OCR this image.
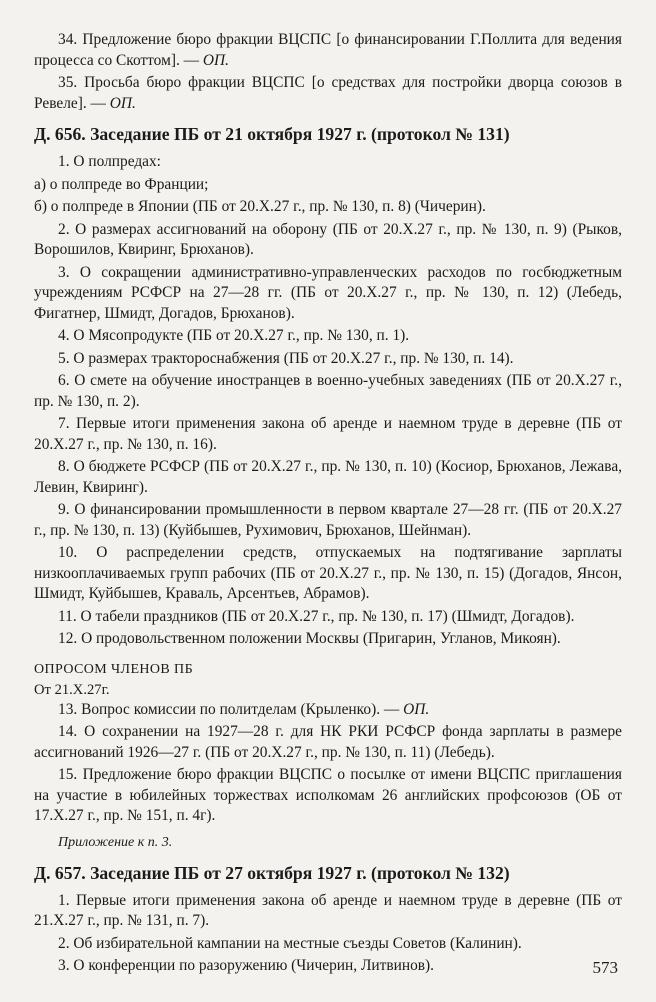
34. Предложение бюро фракции ВЦСПС [о финансировании Г.Поллита для ведения процесса со Скоттом]. — ОП.

35. Просьба бюро фракции ВЦСПС [о средствах для постройки дворца союзов в Ревеле]. — ОП.

Д. 656. Заседание ПБ от 21 октября 1927 г. (протокол № 131)

1. О полпредах:

а) о полпреде во Франции;

б) о полпреде в Японии (ПБ от 20.X.27 г., пр. № 130, п. 8) (Чичерин).

2. О размерах ассигнований на оборону (ПБ от 20.X.27 г., пр. № 130, п. 9) (Рыков, Ворошилов, Квиринг, Брюханов).

3. О сокращении административно-управленческих расходов по госбюджетным учреждениям РСФСР на 27—28 гг. (ПБ от 20.X.27 г., пр. № 130, п. 12) (Лебедь, Фигатнер, Шмидт, Догадов, Брюханов).

4. О Мясопродукте (ПБ от 20.X.27 г., пр. № 130, п. 1).

5. О размерах тракторoснабжения (ПБ от 20.X.27 г., пр. № 130, п. 14).

6. О смете на обучение иностранцев в военно-учебных заведениях (ПБ от 20.X.27 г., пр. № 130, п. 2).

7. Первые итоги применения закона об аренде и наемном труде в деревне (ПБ от 20.X.27 г., пр. № 130, п. 16).

8. О бюджете РСФСР (ПБ от 20.X.27 г., пр. № 130, п. 10) (Косиор, Брюханов, Лежава, Левин, Квиринг).

9. О финансировании промышленности в первом квартале 27—28 гг. (ПБ от 20.X.27 г., пр. № 130, п. 13) (Куйбышев, Рухимович, Брюханов, Шейнман).

10. О распределении средств, отпускаемых на подтягивание зарплаты низкооплачиваемых групп рабочих (ПБ от 20.X.27 г., пр. № 130, п. 15) (Догадов, Янсон, Шмидт, Куйбышев, Краваль, Арсентьев, Абрамов).

11. О табели праздников (ПБ от 20.X.27 г., пр. № 130, п. 17) (Шмидт, Догадов).

12. О продовольственном положении Москвы (Пригарин, Угланов, Микоян).

ОПРОСОМ ЧЛЕНОВ ПБ

От 21.X.27г.

13. Вопрос комиссии по политделам (Крыленко). — ОП.

14. О сохранении на 1927—28 г. для НК РКИ РСФСР фонда зарплаты в размере ассигнований 1926—27 г. (ПБ от 20.X.27 г., пр. № 130, п. 11) (Лебедь).

15. Предложение бюро фракции ВЦСПС о посылке от имени ВЦСПС приглашения на участие в юбилейных торжествах исполкомам 26 английских профсоюзов (ОБ от 17.X.27 г., пр. № 151, п. 4г).

Приложение к п. 3.

Д. 657. Заседание ПБ от 27 октября 1927 г. (протокол № 132)

1. Первые итоги применения закона об аренде и наемном труде в деревне (ПБ от 21.X.27 г., пр. № 131, п. 7).

2. Об избирательной кампании на местные съезды Советов (Калинин).

3. О конференции по разоружению (Чичерин, Литвинов).	573
